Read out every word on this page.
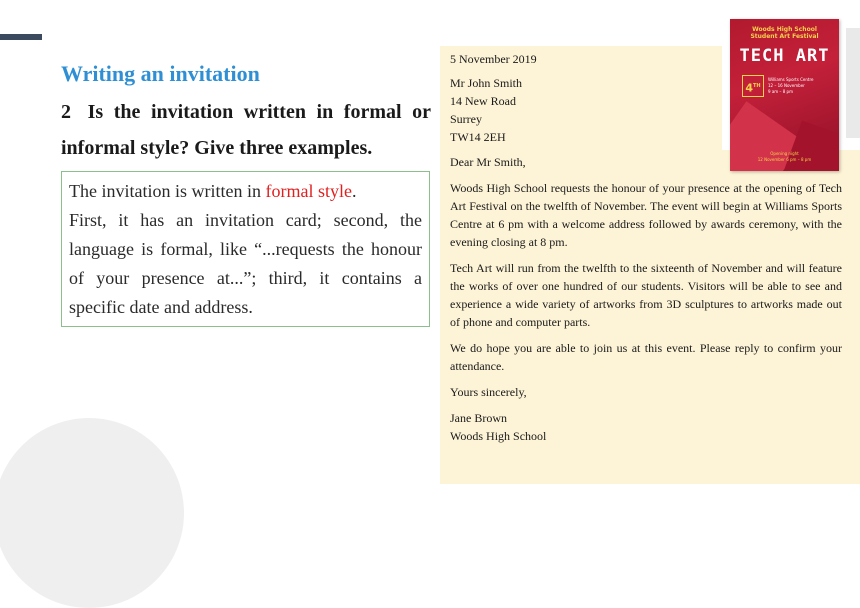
Writing an invitation

2 Is the invitation written in formal or informal style? Give three examples.

The invitation is written in formal style.

First, it has an invitation card; second, the language is formal, like “...requests the honour of your presence at...”; third, it contains a specific date and address.

5 November 2019

Mr John Smith

14 New Road

Surrey

TW14 2EH

Dear Mr Smith,

Woods High School requests the honour of your presence at the opening of Tech Art Festival on the twelfth of November. The event will begin at Williams Sports Centre at 6 pm with a welcome address followed by awards ceremony, with the evening closing at 8 pm.

Tech Art will run from the twelfth to the sixteenth of November and will feature the works of over one hundred of our students. Visitors will be able to see and experience a wide variety of artworks from 3D sculptures to artworks made out of phone and computer parts.

We do hope you are able to join us at this event. Please reply to confirm your attendance.

Yours sincerely,

Jane Brown

Woods High School

Woods High School
Student Art Festival
TECH ART
4TH
Williams Sports Centre
12 – 16 November
9 am – 8 pm
Opening night
12 November 6 pm – 8 pm
